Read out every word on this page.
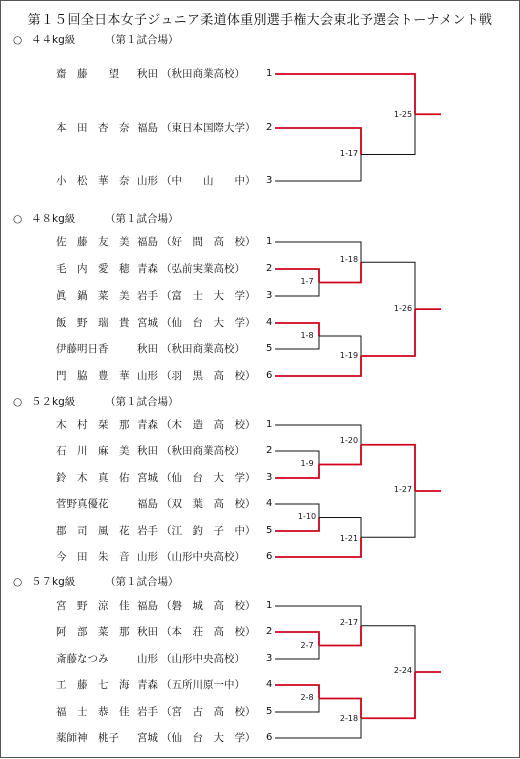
第１５回全日本女子ジュニア柔道体重別選手権大会東北予選会トーナメント戦
○ ４４kg級	（第１試合場）
齋　藤　　望 秋田 （秋田商業高校） 1
本　田　杏　奈 福島 （東日本国際大学） 2
小　松　華　奈 山形 （中　　山　　中） 3
○ ４８kg級	（第１試合場）
佐　藤　友　美 福島 （好　間　高　校） 1
毛　内　愛　穂 青森 （弘前実業高校） 2
眞　鍋　菜　美 岩手 （富　士　大　学） 3
飯　野　瑞　貴 宮城 （仙　台　大　学） 4
伊藤明日香	秋田 （秋田商業高校） 5
門　脇　豊　華 山形 （羽　黒　高　校） 6
○ ５２kg級	（第１試合場）
木　村　栞　那 青森 （木　造　高　校） 1
石　川　麻　美 秋田 （秋田商業高校） 2
鈴　木　真　佑 宮城 （仙　台　大　学） 3
菅野真優花	福島 （双　葉　高　校） 4
郡　司　風　花 岩手 （江　釣　子　中） 5
今　田　朱　音 山形 （山形中央高校） 6
○ ５７kg級	（第１試合場）
宮　野　涼　佳 福島 （磐　城　高　校） 1
阿　部　菜　那 秋田 （本　荘　高　校） 2
斎藤なつみ	山形 （山形中央高校） 3
工　藤　七　海 青森 （五所川原一中） 4
福　士　恭　佳 岩手 （宮　古　高　校） 5
薬師神　桃子 宮城 （仙　台　大　学） 6
1-17
1-25
1-7
1-8
1-18
1-19
1-26
1-9
1-10
1-20
1-21
1-27
2-7
2-8
2-17
2-18
2-24
